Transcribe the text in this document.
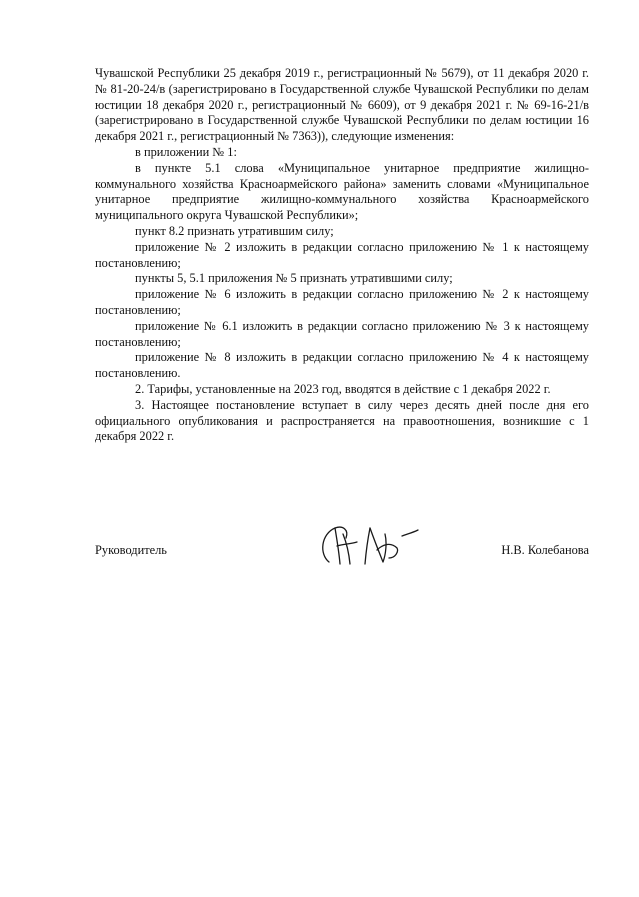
Чувашской Республики 25 декабря 2019 г., регистрационный № 5679), от 11 декабря 2020 г. № 81-20-24/в (зарегистрировано в Государственной службе Чувашской Республики по делам юстиции 18 декабря 2020 г., регистрационный № 6609), от 9 декабря 2021 г. № 69-16-21/в (зарегистрировано в Государственной службе Чувашской Республики по делам юстиции 16 декабря 2021 г., регистрационный № 7363)), следующие изменения:

в приложении № 1:

в пункте 5.1 слова «Муниципальное унитарное предприятие жилищно-коммунального хозяйства Красноармейского района» заменить словами «Муниципальное унитарное предприятие жилищно-коммунального хозяйства Красноармейского муниципального округа Чувашской Республики»;

пункт 8.2 признать утратившим силу;

приложение № 2 изложить в редакции согласно приложению № 1 к настоящему постановлению;

пункты 5, 5.1 приложения № 5 признать утратившими силу;

приложение № 6 изложить в редакции согласно приложению № 2 к настоящему постановлению;

приложение № 6.1 изложить в редакции согласно приложению № 3 к настоящему постановлению;

приложение № 8 изложить в редакции согласно приложению № 4 к настоящему постановлению.

2. Тарифы, установленные на 2023 год, вводятся в действие с 1 декабря 2022 г.

3. Настоящее постановление вступает в силу через десять дней после дня его официального опубликования и распространяется на правоотношения, возникшие с 1 декабря 2022 г.

Руководитель	Н.В. Колебанова
